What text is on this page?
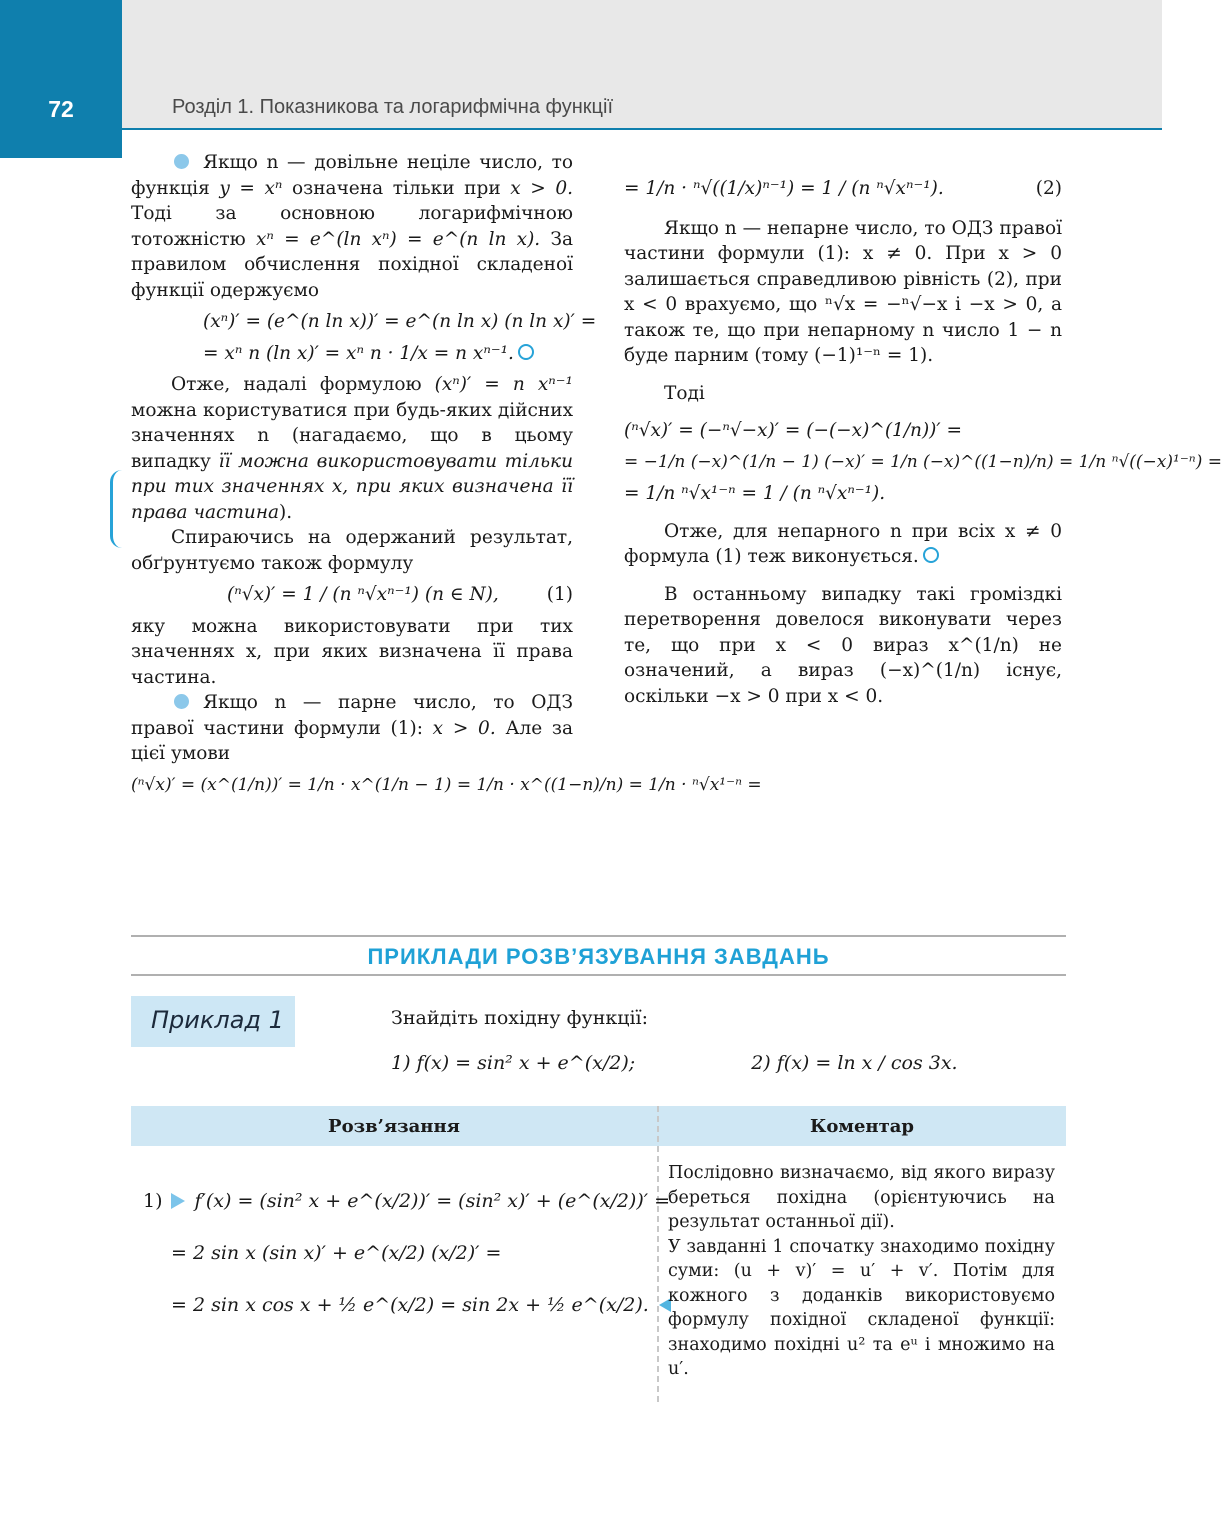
72	Розділ 1. Показникова та логарифмічна функції

Якщо n — довільне неціле число, то функція y = xⁿ означена тільки при x > 0. Тоді за основною логарифмічною тотожністю xⁿ = e^(ln xⁿ) = e^(n ln x). За правилом обчислення похідної складеної функції одержуємо

(xⁿ)′ = (e^(n ln x))′ = e^(n ln x) (n ln x)′ =
= xⁿ n (ln x)′ = xⁿ n · 1/x = n xⁿ⁻¹.

Отже, надалі формулою (xⁿ)′ = n xⁿ⁻¹ можна користуватися при будь-яких дійсних значеннях n (нагадаємо, що в цьому випадку її можна використовувати тільки при тих значеннях x, при яких визначена її права частина).

Спираючись на одержаний результат, обґрунтуємо також формулу

(ⁿ√x)′ = 1 / (n ⁿ√xⁿ⁻¹) (n ∈ N),	(1)

яку можна використовувати при тих значеннях x, при яких визначена її права частина.

Якщо n — парне число, то ОДЗ правої частини формули (1): x > 0. Але за цієї умови

(ⁿ√x)′ = (x^(1/n))′ = 1/n · x^(1/n − 1) = 1/n · x^((1−n)/n) = 1/n · ⁿ√x¹⁻ⁿ =
= 1/n · ⁿ√((1/x)ⁿ⁻¹) = 1 / (n ⁿ√xⁿ⁻¹).	(2)

Якщо n — непарне число, то ОДЗ правої частини формули (1): x ≠ 0. При x > 0 залишається справедливою рівність (2), при x < 0 врахуємо, що ⁿ√x = −ⁿ√−x і −x > 0, а також те, що при непарному n число 1 − n буде парним (тому (−1)¹⁻ⁿ = 1).

Тоді

(ⁿ√x)′ = (−ⁿ√−x)′ = (−(−x)^(1/n))′ =
= −1/n (−x)^(1/n − 1) (−x)′ = 1/n (−x)^((1−n)/n) = 1/n ⁿ√((−x)¹⁻ⁿ) =
= 1/n ⁿ√x¹⁻ⁿ = 1 / (n ⁿ√xⁿ⁻¹).

Отже, для непарного n при всіх x ≠ 0 формула (1) теж виконується.

В останньому випадку такі громіздкі перетворення довелося виконувати через те, що при x < 0 вираз x^(1/n) не означений, а вираз (−x)^(1/n) існує, оскільки −x > 0 при x < 0.

ПРИКЛАДИ РОЗВ’ЯЗУВАННЯ ЗАВДАНЬ
Приклад 1	Знайдіть похідну функції:
1) f(x) = sin² x + e^(x/2);	2) f(x) = ln x / cos 3x.
Розв’язання	Коментар

1) f′(x) = (sin² x + e^(x/2))′ = (sin² x)′ + (e^(x/2))′ =

= 2 sin x (sin x)′ + e^(x/2) (x/2)′ =

= 2 sin x cos x + ½ e^(x/2) = sin 2x + ½ e^(x/2).

Послідовно визначаємо, від якого виразу береться похідна (орієнтуючись на результат останньої дії).

У завданні 1 спочатку знаходимо похідну суми: (u + v)′ = u′ + v′. Потім для кожного з доданків використовуємо формулу похідної складеної функції: знаходимо похідні u² та eᵘ і множимо на u′.
